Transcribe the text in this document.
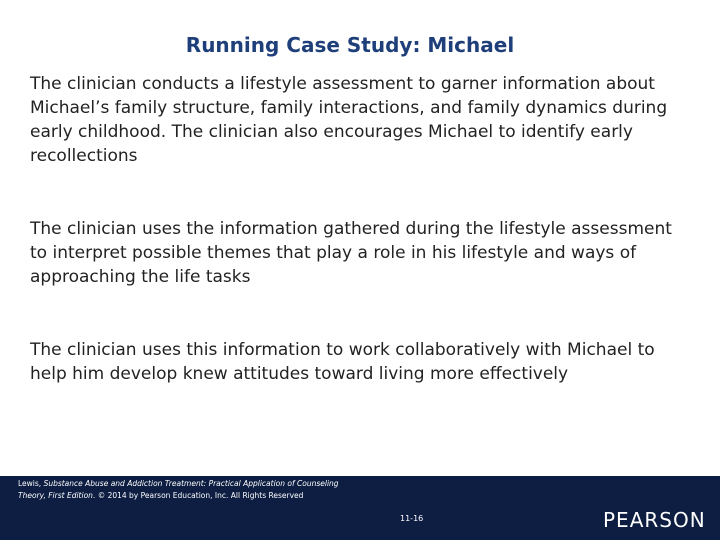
Running Case Study: Michael

The clinician conducts a lifestyle assessment to garner information about Michael’s family structure, family interactions, and family dynamics during early childhood. The clinician also encourages Michael to identify early recollections

The clinician uses the information gathered during the lifestyle assessment to interpret possible themes that play a role in his lifestyle and ways of approaching the life tasks

The clinician uses this information to work collaboratively with Michael to help him develop knew attitudes toward living more effectively

Lewis, Substance Abuse and Addiction Treatment: Practical Application of Counseling Theory, First Edition. © 2014 by Pearson Education, Inc. All Rights Reserved
11-16	PEARSON
